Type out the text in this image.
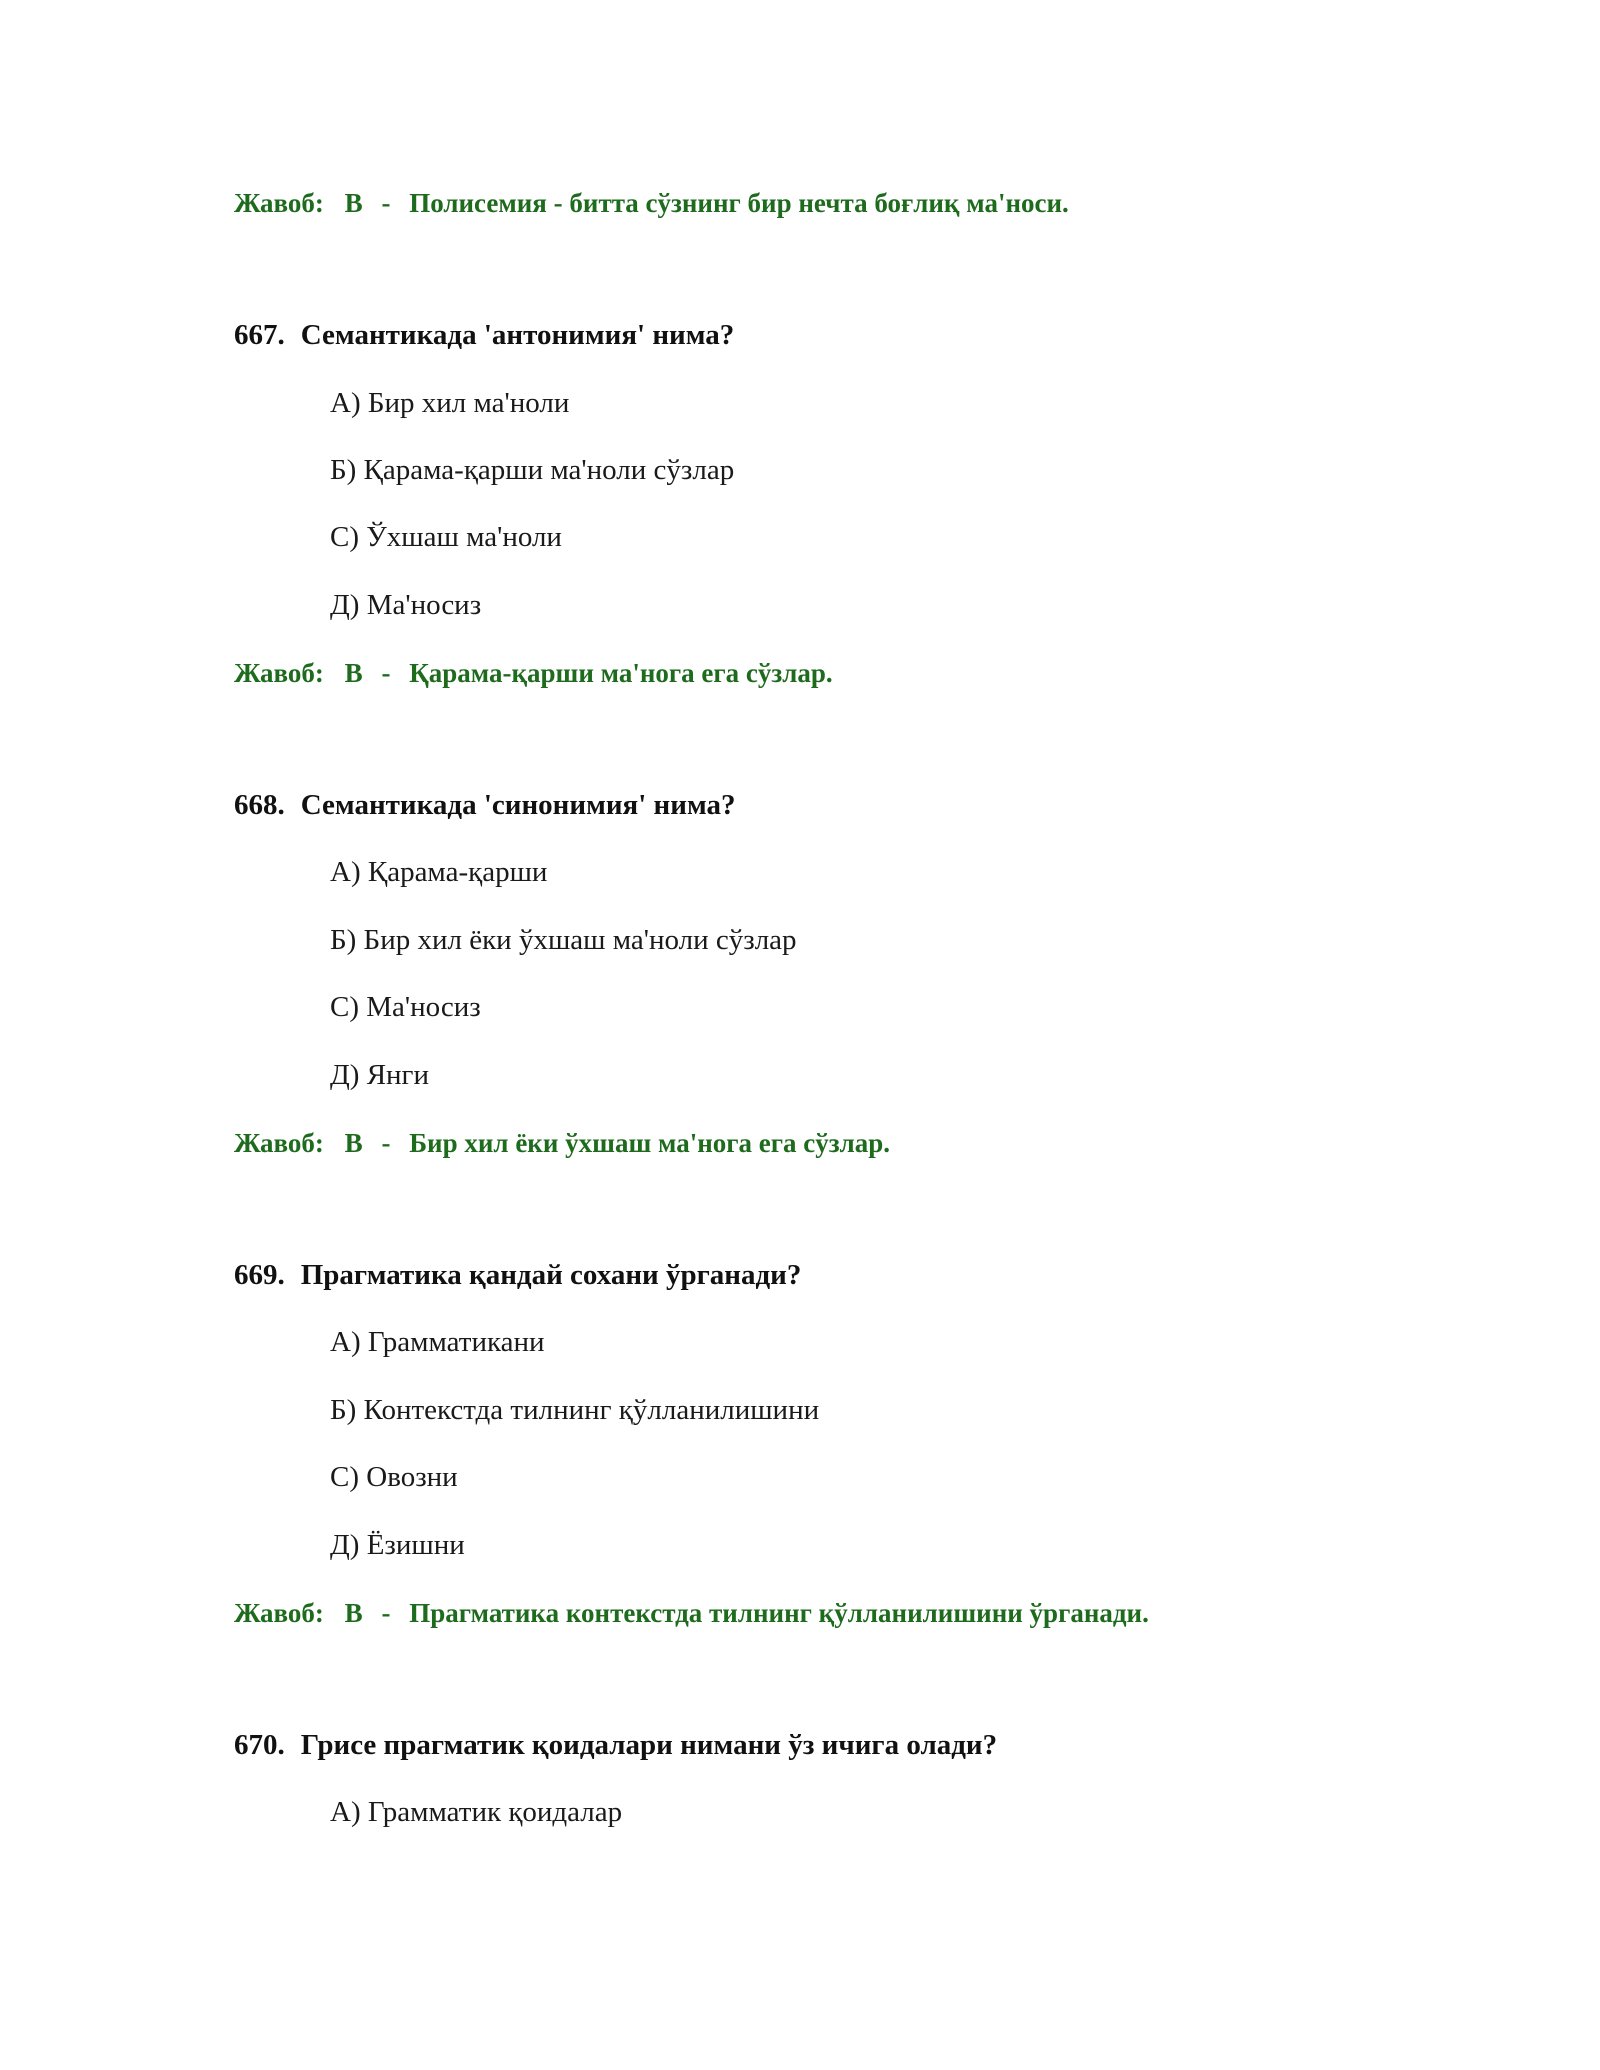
Жавоб: В - Полисемия - битта сўзнинг бир нечта боғлиқ ма'носи.
667. Семантикада 'антонимия' нима?
А) Бир хил ма'ноли
Б) Қарама-қарши ма'ноли сўзлар
С) Ўхшаш ма'ноли
Д) Ма'носиз
Жавоб: В - Қарама-қарши ма'нога ега сўзлар.
668. Семантикада 'синонимия' нима?
А) Қарама-қарши
Б) Бир хил ёки ўхшаш ма'ноли сўзлар
С) Ма'носиз
Д) Янги
Жавоб: В - Бир хил ёки ўхшаш ма'нога ега сўзлар.
669. Прагматика қандай сохани ўрганади?
А) Грамматикани
Б) Контекстда тилнинг қўлланилишини
С) Овозни
Д) Ёзишни
Жавоб: В - Прагматика контекстда тилнинг қўлланилишини ўрганади.
670. Грисе прагматик қоидалари нимани ўз ичига олади?
А) Грамматик қоидалар
